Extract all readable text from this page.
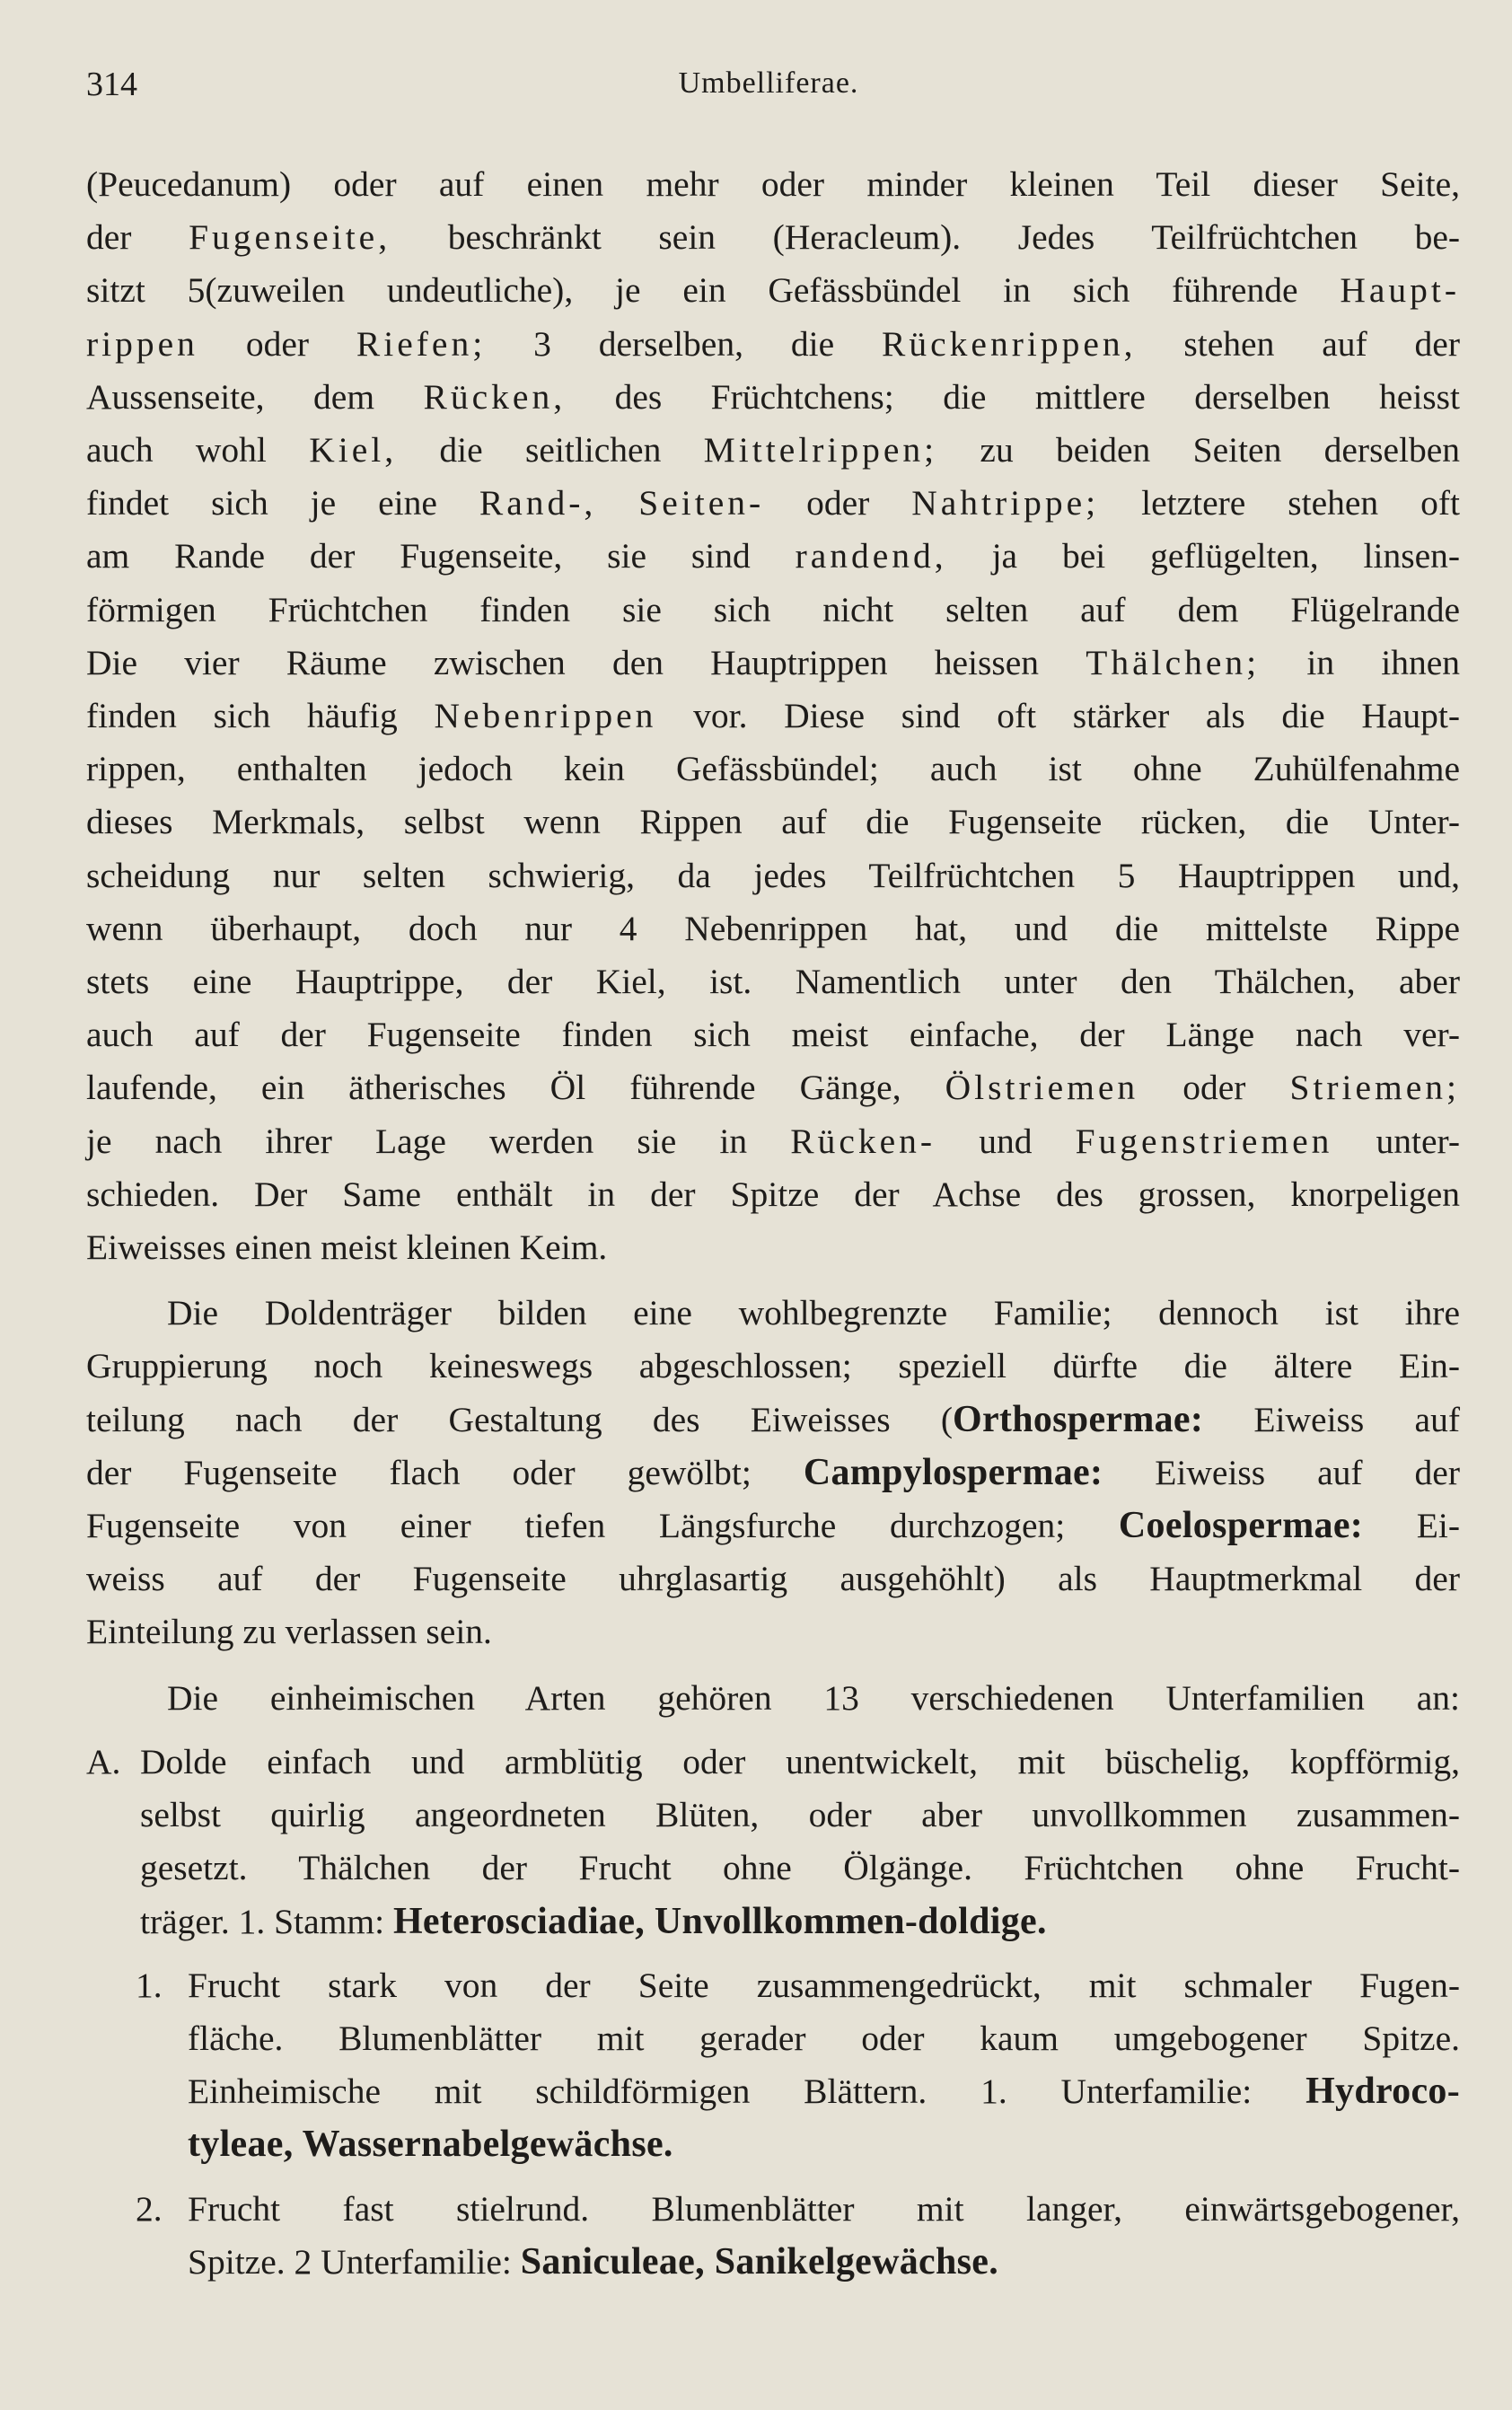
314	Umbelliferae.
(Peucedanum) oder auf einen mehr oder minder kleinen Teil dieser Seite,
der Fugenseite, beschränkt sein (Heracleum). Jedes Teilfrüchtchen be-
sitzt 5(zuweilen undeutliche), je ein Gefässbündel in sich führende Haupt-
rippen oder Riefen; 3 derselben, die Rückenrippen, stehen auf der
Aussenseite, dem Rücken, des Früchtchens; die mittlere derselben heisst
auch wohl Kiel, die seitlichen Mittelrippen; zu beiden Seiten derselben
findet sich je eine Rand-, Seiten- oder Nahtrippe; letztere stehen oft
am Rande der Fugenseite, sie sind randend, ja bei geflügelten, linsen-
förmigen Früchtchen finden sie sich nicht selten auf dem Flügelrande
Die vier Räume zwischen den Hauptrippen heissen Thälchen; in ihnen
finden sich häufig Nebenrippen vor. Diese sind oft stärker als die Haupt-
rippen, enthalten jedoch kein Gefässbündel; auch ist ohne Zuhülfenahme
dieses Merkmals, selbst wenn Rippen auf die Fugenseite rücken, die Unter-
scheidung nur selten schwierig, da jedes Teilfrüchtchen 5 Hauptrippen und,
wenn überhaupt, doch nur 4 Nebenrippen hat, und die mittelste Rippe
stets eine Hauptrippe, der Kiel, ist. Namentlich unter den Thälchen, aber
auch auf der Fugenseite finden sich meist einfache, der Länge nach ver-
laufende, ein ätherisches Öl führende Gänge, Ölstriemen oder Striemen;
je nach ihrer Lage werden sie in Rücken- und Fugenstriemen unter-
schieden. Der Same enthält in der Spitze der Achse des grossen, knorpeligen
Eiweisses einen meist kleinen Keim.
Die Doldenträger bilden eine wohlbegrenzte Familie; dennoch ist ihre
Gruppierung noch keineswegs abgeschlossen; speziell dürfte die ältere Ein-
teilung nach der Gestaltung des Eiweisses (Orthospermae: Eiweiss auf
der Fugenseite flach oder gewölbt; Campylospermae: Eiweiss auf der
Fugenseite von einer tiefen Längsfurche durchzogen; Coelospermae: Ei-
weiss auf der Fugenseite uhrglasartig ausgehöhlt) als Hauptmerkmal der
Einteilung zu verlassen sein.
Die einheimischen Arten gehören 13 verschiedenen Unterfamilien an:
A. Dolde einfach und armblütig oder unentwickelt, mit büschelig, kopfförmig,
selbst quirlig angeordneten Blüten, oder aber unvollkommen zusammen-
gesetzt. Thälchen der Frucht ohne Ölgänge. Früchtchen ohne Frucht-
träger. 1. Stamm: Heterosciadiae, Unvollkommen-doldige.
1. Frucht stark von der Seite zusammengedrückt, mit schmaler Fugen-
fläche. Blumenblätter mit gerader oder kaum umgebogener Spitze.
Einheimische mit schildförmigen Blättern. 1. Unterfamilie: Hydroco-
tyleae, Wassernabelgewächse.
2. Frucht fast stielrund. Blumenblätter mit langer, einwärtsgebogener,
Spitze. 2 Unterfamilie: Saniculeae, Sanikelgewächse.
